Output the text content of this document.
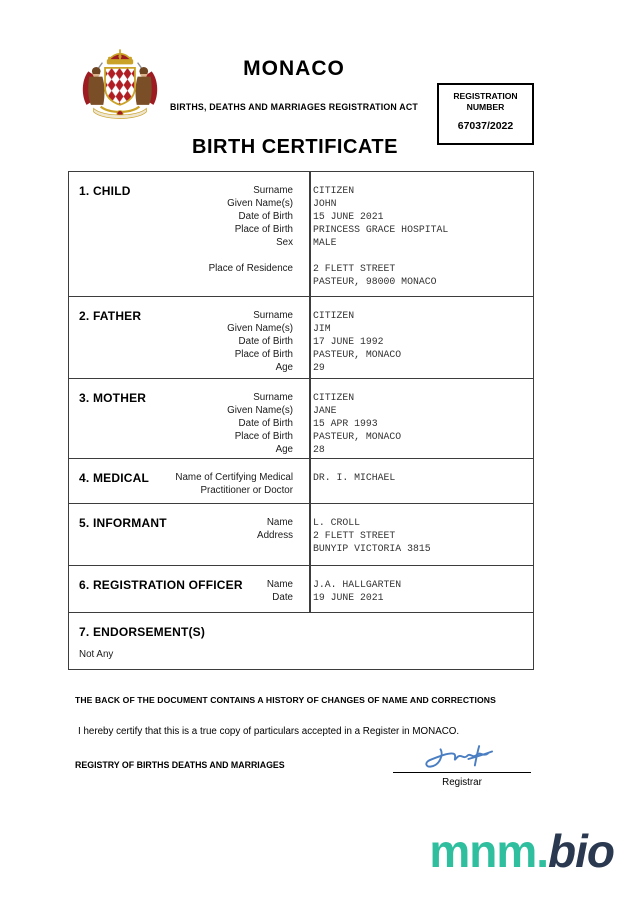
MONACO
BIRTHS, DEATHS AND MARRIAGES REGISTRATION ACT
REGISTRATION
NUMBER
67037/2022
BIRTH CERTIFICATE
1. CHILD	Surname	CITIZEN
Given Name(s)	JOHN
Date of Birth	15 JUNE 2021
Place of Birth	PRINCESS GRACE HOSPITAL
Sex	MALE
Place of Residence	2 FLETT STREET
PASTEUR, 98000 MONACO
2. FATHER	Surname	CITIZEN
Given Name(s)	JIM
Date of Birth	17 JUNE 1992
Place of Birth	PASTEUR, MONACO
Age	29
3. MOTHER	Surname	CITIZEN
Given Name(s)	JANE
Date of Birth	15 APR 1993
Place of Birth	PASTEUR, MONACO
Age	28
4. MEDICAL	Name of Certifying Medical	DR. I. MICHAEL
Practitioner or Doctor
5. INFORMANT	Name	L. CROLL
Address	2 FLETT STREET
BUNYIP VICTORIA 3815
6. REGISTRATION OFFICER	Name	J.A. HALLGARTEN
Date	19 JUNE 2021
7. ENDORSEMENT(S)
Not Any
THE BACK OF THE DOCUMENT CONTAINS A HISTORY OF CHANGES OF NAME AND CORRECTIONS
I hereby certify that this is a true copy of particulars accepted in a Register in MONACO.
REGISTRY OF BIRTHS DEATHS AND MARRIAGES
Registrar
mnm.bio
